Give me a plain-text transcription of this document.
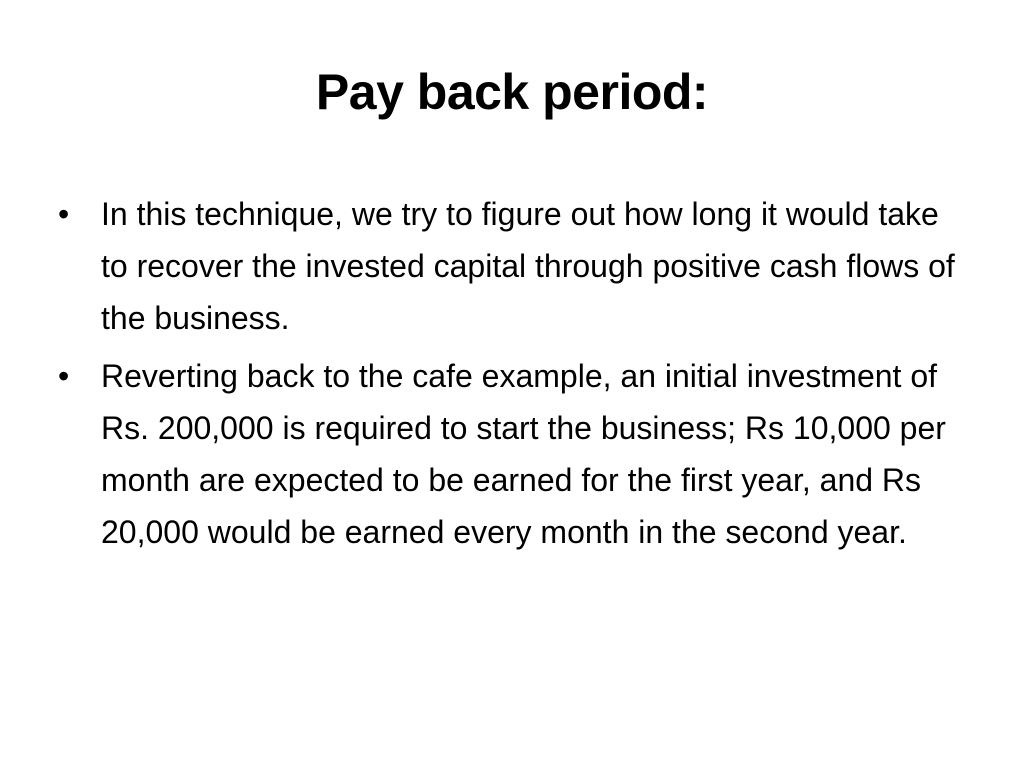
Pay back period:
• In this technique, we try to figure out how long it would take to recover the invested capital through positive cash flows of the business.
• Reverting back to the cafe example, an initial investment of Rs. 200,000 is required to start the business; Rs 10,000 per month are expected to be earned for the first year, and Rs 20,000 would be earned every month in the second year.
